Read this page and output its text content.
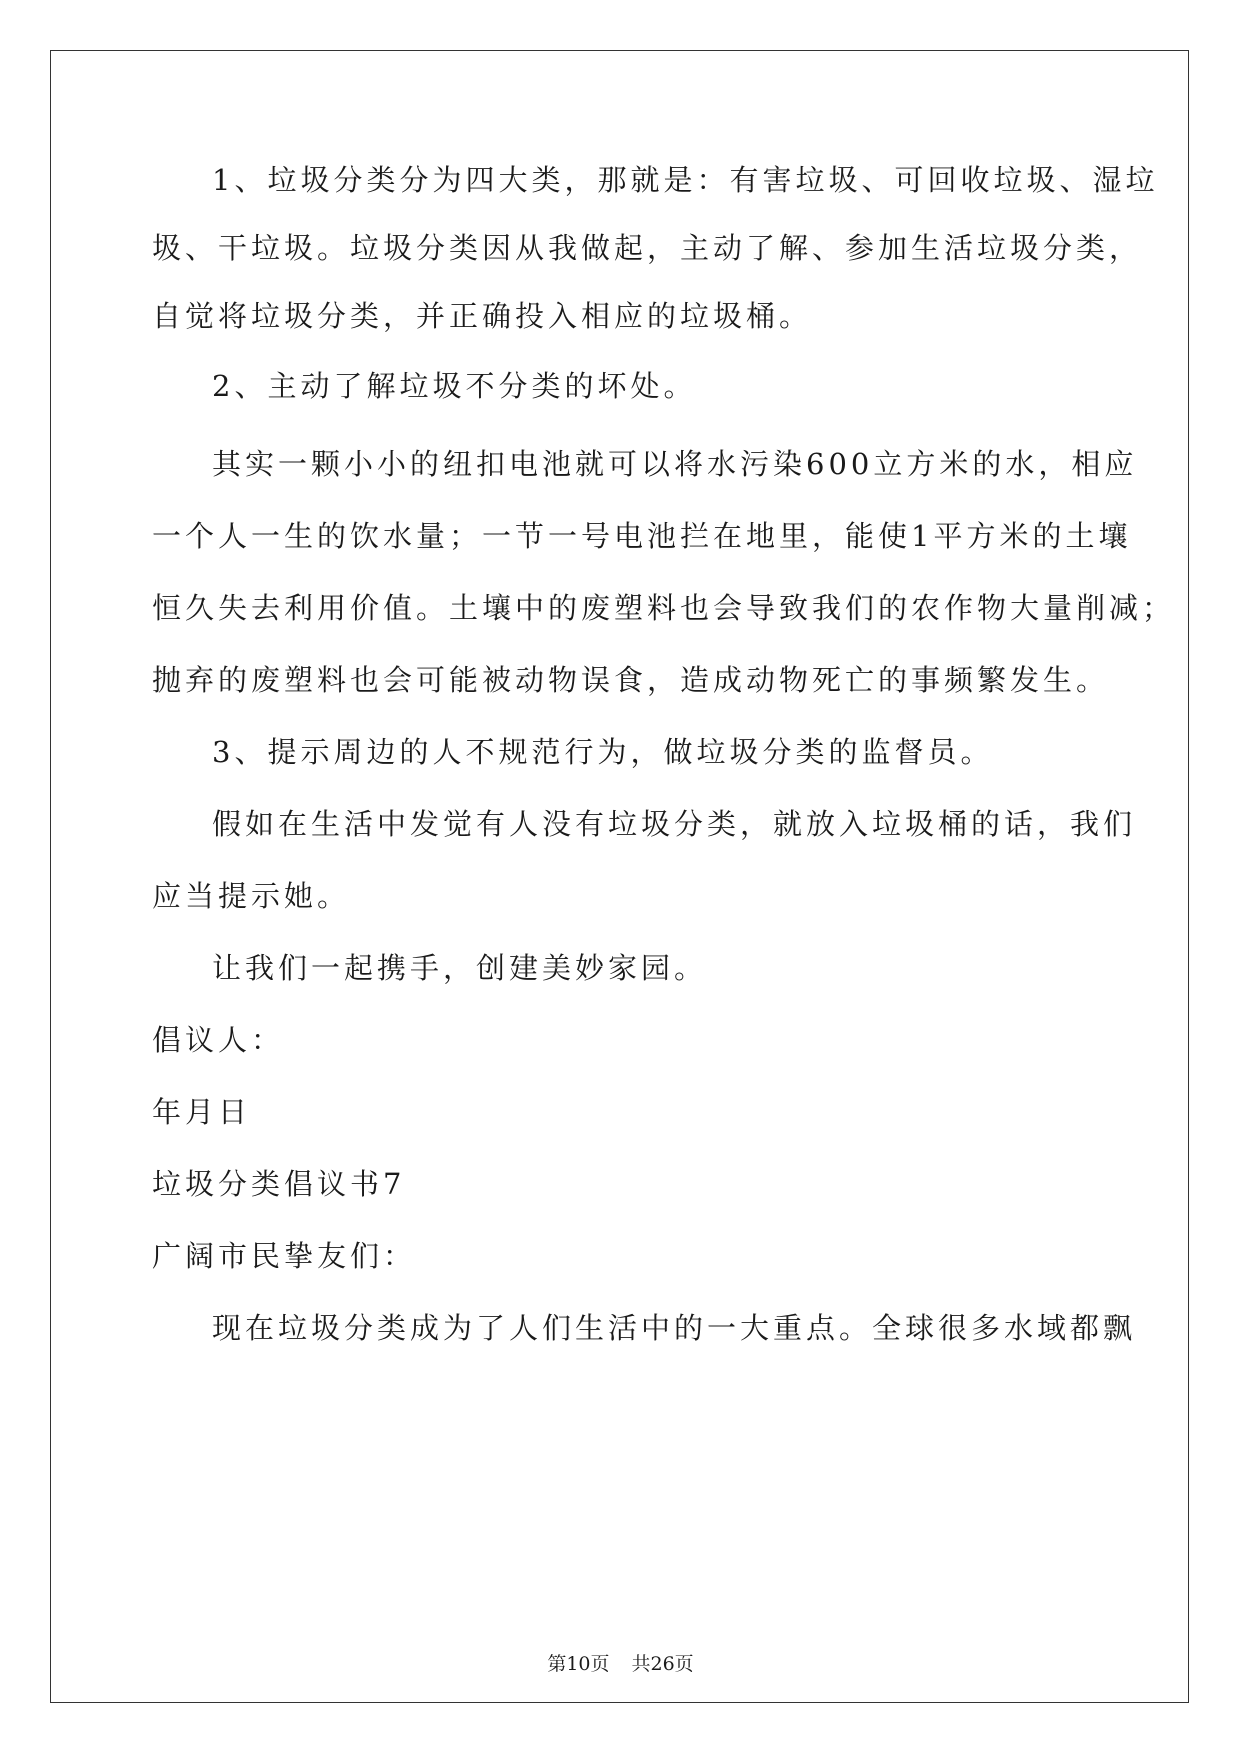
1、垃圾分类分为四大类，那就是：有害垃圾、可回收垃圾、湿垃
圾、干垃圾。垃圾分类因从我做起，主动了解、参加生活垃圾分类，
自觉将垃圾分类，并正确投入相应的垃圾桶。
2、主动了解垃圾不分类的坏处。
其实一颗小小的纽扣电池就可以将水污染600立方米的水，相应
一个人一生的饮水量；一节一号电池拦在地里，能使1平方米的土壤
恒久失去利用价值。土壤中的废塑料也会导致我们的农作物大量削减；
抛弃的废塑料也会可能被动物误食，造成动物死亡的事频繁发生。
3、提示周边的人不规范行为，做垃圾分类的监督员。
假如在生活中发觉有人没有垃圾分类，就放入垃圾桶的话，我们
应当提示她。
让我们一起携手，创建美妙家园。
倡议人：
年月日
垃圾分类倡议书7
广阔市民挚友们：
现在垃圾分类成为了人们生活中的一大重点。全球很多水域都飘
第10页 共26页
